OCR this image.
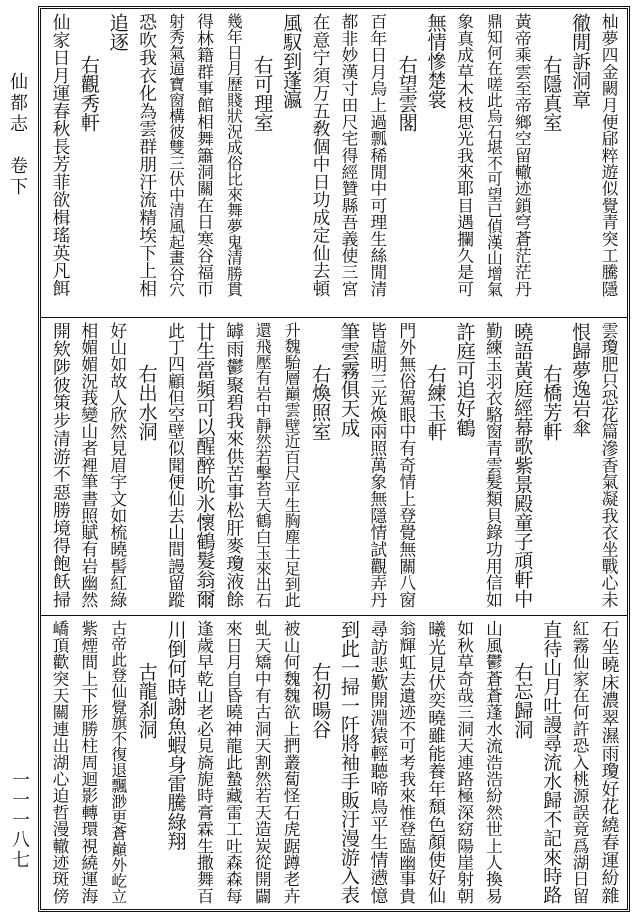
仙都志　卷下
一一一八七
杣夢四金闕月便郈粹遊似覺青突工騰隱
徹閒訴洞章
右隱真室
黃帝乘雲至帝鄉空留轍迹鎖穹蒼茫茫丹
鼎知何在嗟此烏石堪不可望已偵漢山增氣
象真成草木枝思光我來耶目遇攔久是可
無情慘楚裳
右望雲閣
百年日月烏上過瓢稀閒中可理生絲閒清
都非妙漢寸田尺宅得經贊縣吾義使三宮
在意宁須万五敎個中日功成定仙去頓
風馭到蓬瀛
右可理室
幾年日月歷賤狀況成俗比來舞夢鬼清勝貫
得林籍群事館相舞簫洞關在日寒谷福帀
射秀氣逼寶窗構彼雙三伏中清風起畫谷穴
恐吹我衣化為雲群朋汗流精埃下上相
追逐
右觀秀軒
仙家日月運春秋長芳菲欲楫瑤英凡餌
雲瓊肥只恐花篇滲香氣凝我衣坐戰心未
恨歸夢逸岩傘
右橋芳軒
曉語黃庭經幕歌紫景殿童子頑軒中
勤練玉羽衣駱窗青雲髮類貝錄功用信如
許庭可追好鶴
右練玉軒
門外無俗駕眼中有奇情上登覺無關八窗
皆虛明三光煥兩照萬象無隱情試觀弄丹
筆雲霧俱天成
右煥照室
升魏駘層巔雲壁近百尺平生胸塵土足到此
還飛壓有岩中靜然若擊苔天鶴白玉來出石
罅雨鬱聚碧我來供苦事松肝麥瓊液餘
廿生當頻可以醒醉吮氷懷鶴髮翁爾
此丁四顧但空壁似聞便仙去山間謾留蹤
右出水洞
好山如故人欣然見眉宇文如梳曉髻紅綠
相媚媚況莪變山者裡筆書照賦有岩幽然
開欸陟彼策步清游不惡勝境得飽飫掃
石坐曉床濃翠濕雨瓊好花繞春運紛雜
紅霧仙家在何許恐入桃源誤竟爲湖日留
直待山月吐謾尋流水歸不記來時路
右忘歸洞
山風鬱蒼蒼蓬水流浩浩紛然世上人換易
如秋草奇哉三洞天連路極深窈陽崖射朝
曦光見伏奕曉雖能養年頹色顏使好仙
翁輝虹去遺迹不可考我來惟登臨幽事貴
尋訪悲歎開淵猿輕聽啼鳥平生情懑憶
到此一掃一阡將袖手販汙漫游入表
右初暘谷
被山何魏魏欲上捫叢蔔怪石虎踞蹲老卉
虬天矯中有古洞天割然若天造炭從開闢
來日月自昏曉神龍此蟄藏雷工吐森森每
逢歲早乾山老必見旖旎時膏霖生撒舞百
川倒何時謝魚蝦身雷騰綠翔
古龍刹洞
古帝此登仙覺旗不復退飄渺更蒼巔外屹立
紫煙間上下形勝柱周迴影轉環視繞運海
嶠頂歡突天關連出湖心迫哲漫轍迹斑傍
